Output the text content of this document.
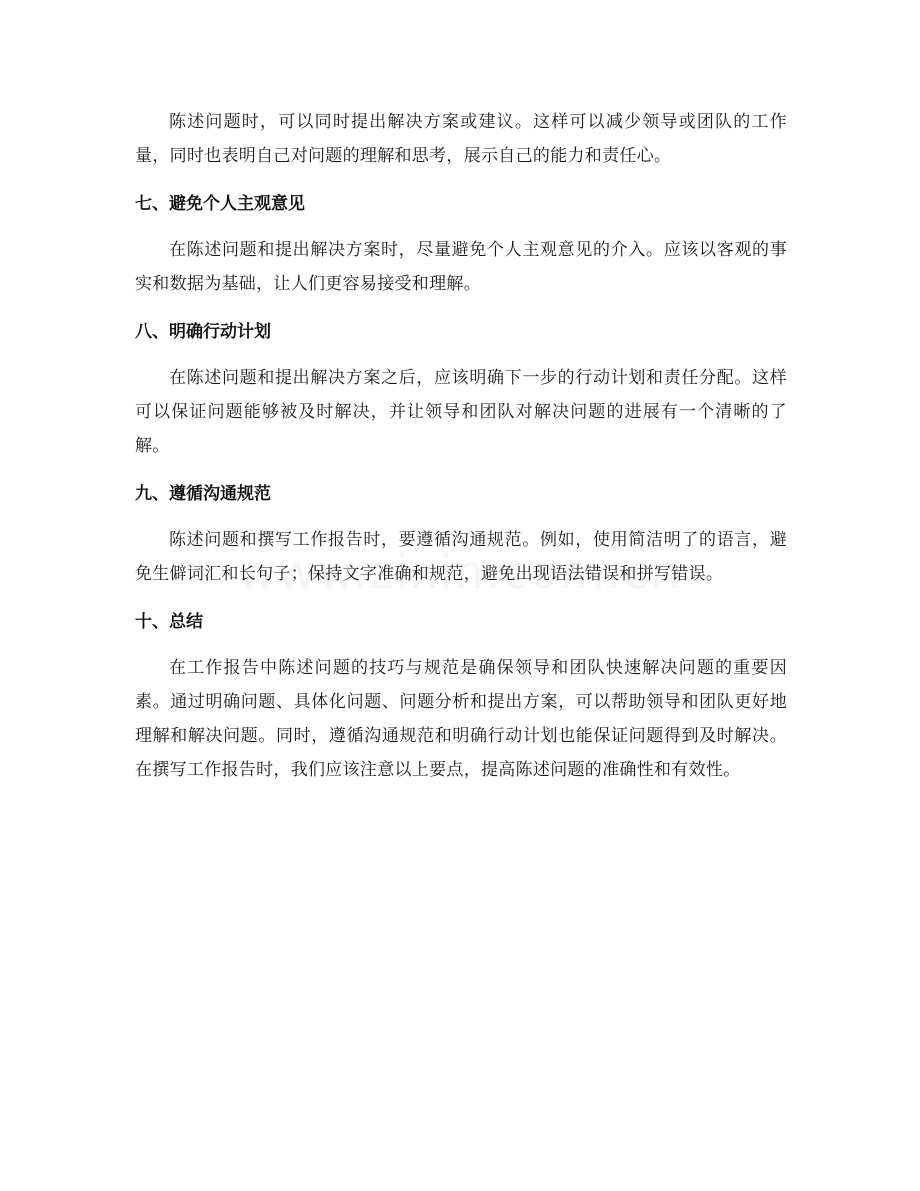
陈述问题时，可以同时提出解决方案或建议。这样可以减少领导或团队的工作量，同时也表明自己对问题的理解和思考，展示自己的能力和责任心。

七、避免个人主观意见

在陈述问题和提出解决方案时，尽量避免个人主观意见的介入。应该以客观的事实和数据为基础，让人们更容易接受和理解。

八、明确行动计划

在陈述问题和提出解决方案之后，应该明确下一步的行动计划和责任分配。这样可以保证问题能够被及时解决，并让领导和团队对解决问题的进展有一个清晰的了解。

九、遵循沟通规范

陈述问题和撰写工作报告时，要遵循沟通规范。例如，使用简洁明了的语言，避免生僻词汇和长句子；保持文字准确和规范，避免出现语法错误和拼写错误。

十、总结

在工作报告中陈述问题的技巧与规范是确保领导和团队快速解决问题的重要因素。通过明确问题、具体化问题、问题分析和提出方案，可以帮助领导和团队更好地理解和解决问题。同时，遵循沟通规范和明确行动计划也能保证问题得到及时解决。在撰写工作报告时，我们应该注意以上要点，提高陈述问题的准确性和有效性。
